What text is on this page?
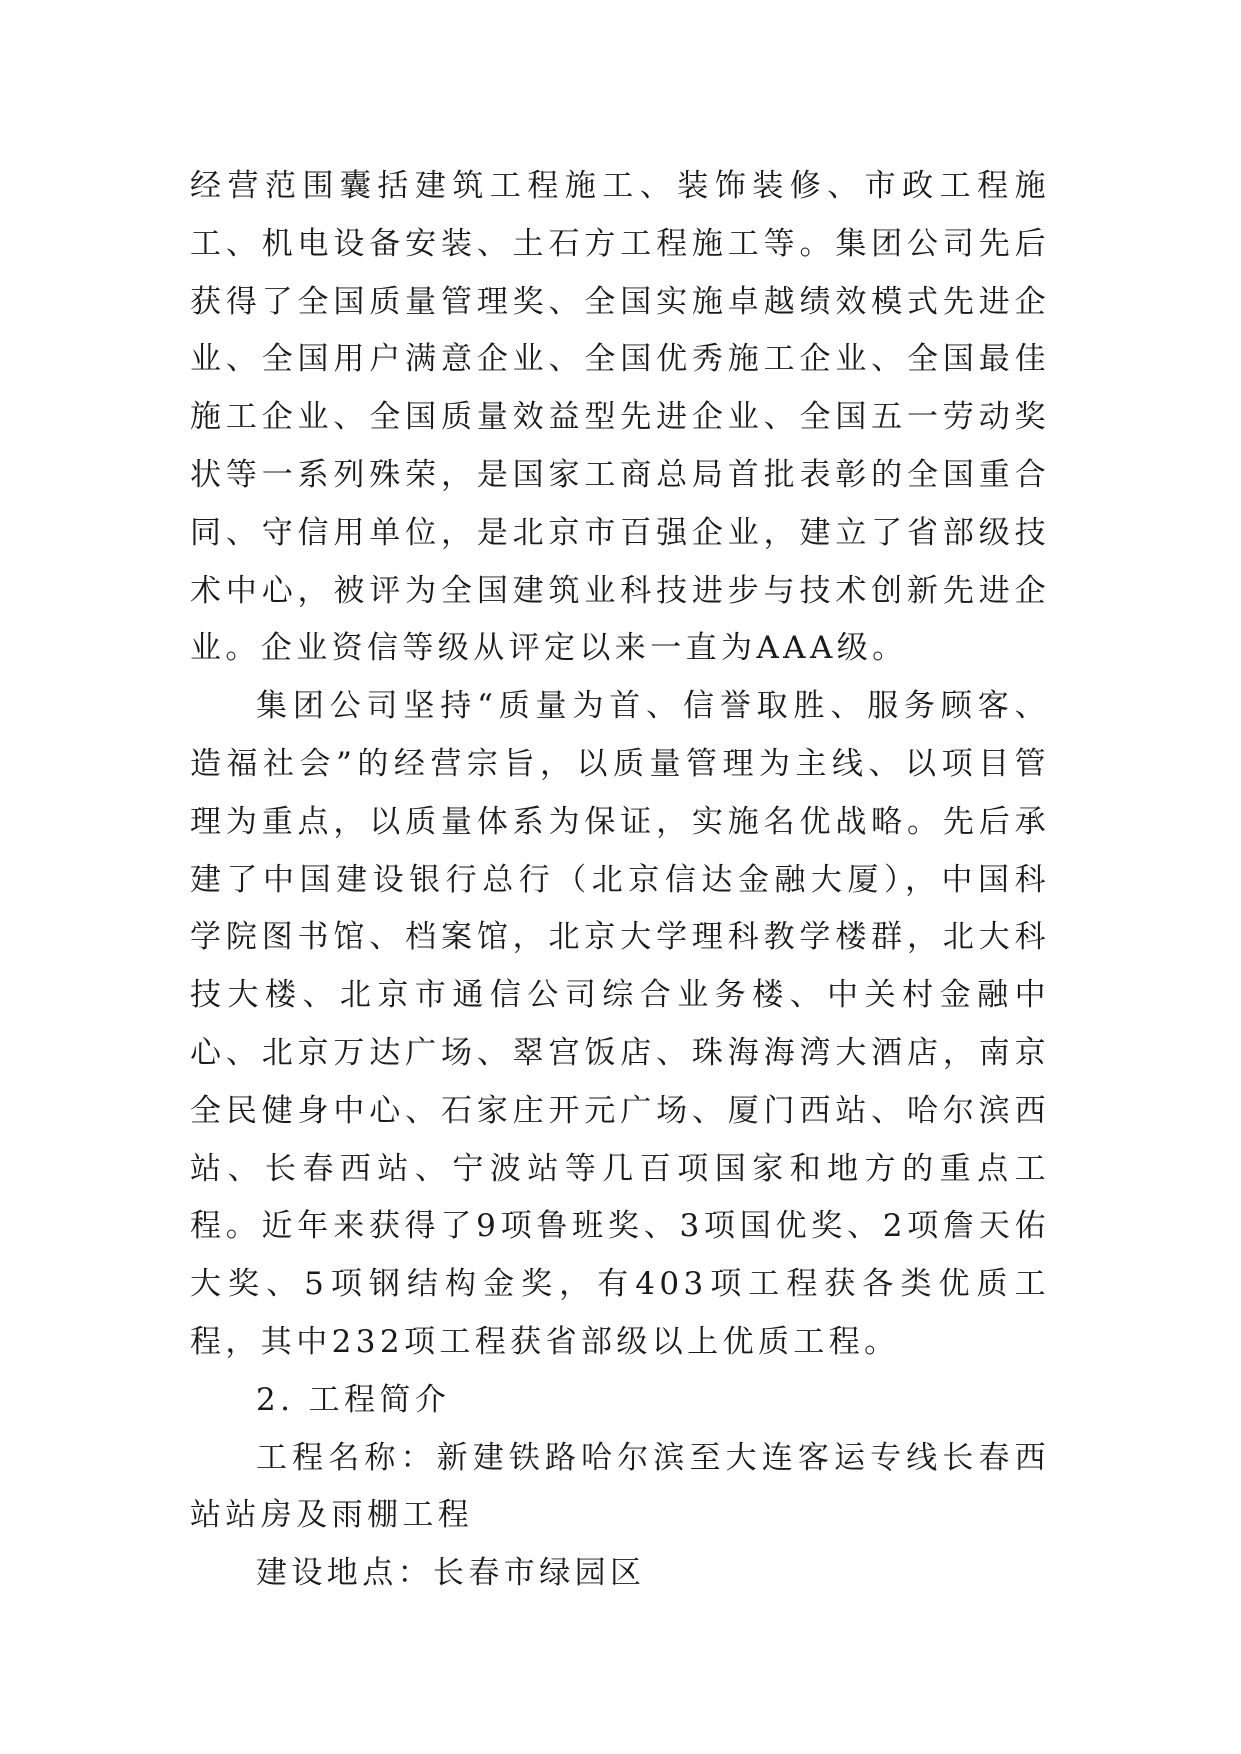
经营范围囊括建筑工程施工、装饰装修、市政工程施工、机电设备安装、土石方工程施工等。集团公司先后获得了全国质量管理奖、全国实施卓越绩效模式先进企业、全国用户满意企业、全国优秀施工企业、全国最佳施工企业、全国质量效益型先进企业、全国五一劳动奖状等一系列殊荣，是国家工商总局首批表彰的全国重合同、守信用单位，是北京市百强企业，建立了省部级技术中心，被评为全国建筑业科技进步与技术创新先进企业。企业资信等级从评定以来一直为AAA级。

集团公司坚持“质量为首、信誉取胜、服务顾客、造福社会”的经营宗旨，以质量管理为主线、以项目管理为重点，以质量体系为保证，实施名优战略。先后承建了中国建设银行总行（北京信达金融大厦），中国科学院图书馆、档案馆，北京大学理科教学楼群，北大科技大楼、北京市通信公司综合业务楼、中关村金融中心、北京万达广场、翠宫饭店、珠海海湾大酒店，南京全民健身中心、石家庄开元广场、厦门西站、哈尔滨西站、长春西站、宁波站等几百项国家和地方的重点工程。近年来获得了9项鲁班奖、3项国优奖、2项詹天佑大奖、5项钢结构金奖，有403项工程获各类优质工程，其中232项工程获省部级以上优质工程。

2. 工程简介

工程名称：新建铁路哈尔滨至大连客运专线长春西站站房及雨棚工程

建设地点：长春市绿园区
